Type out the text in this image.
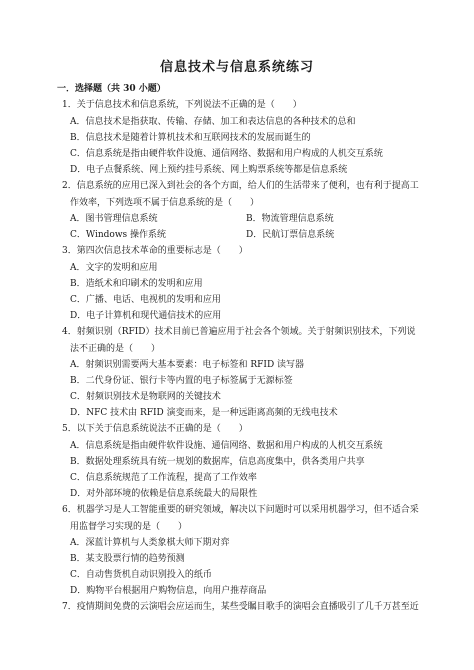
信息技术与信息系统练习
一．选择题（共 30 小题）
1．关于信息技术和信息系统，下列说法不正确的是（　　）
A．信息技术是指获取、传输、存储、加工和表达信息的各种技术的总和
B．信息技术是随着计算机技术和互联网技术的发展而诞生的
C．信息系统是指由硬件软件设施、通信网络、数据和用户构成的人机交互系统
D．电子点餐系统、网上预约挂号系统、网上购票系统等都是信息系统
2．信息系统的应用已深入到社会的各个方面，给人们的生活带来了便利，也有利于提高工
作效率，下列选项不属于信息系统的是（　　）
A．图书管理信息系统	B．物流管理信息系统
C．Windows 操作系统	D．民航订票信息系统
3．第四次信息技术革命的重要标志是（　　）
A．文字的发明和应用
B．造纸术和印刷术的发明和应用
C．广播、电话、电视机的发明和应用
D．电子计算机和现代通信技术的应用
4．射频识别（RFID）技术目前已普遍应用于社会各个领域。关于射频识别技术，下列说
法不正确的是（　　）
A．射频识别需要两大基本要素：电子标签和 RFID 读写器
B．二代身份证、银行卡等内置的电子标签属于无源标签
C．射频识别技术是物联网的关键技术
D．NFC 技术由 RFID 演变而来，是一种远距离高频的无线电技术
5．以下关于信息系统说法不正确的是（　　）
A．信息系统是指由硬件软件设施、通信网络、数据和用户构成的人机交互系统
B．数据处理系统具有统一规划的数据库，信息高度集中，供各类用户共享
C．信息系统规范了工作流程，提高了工作效率
D．对外部环境的依赖是信息系统最大的局限性
6．机器学习是人工智能重要的研究领域，解决以下问题时可以采用机器学习，但不适合采
用监督学习实现的是（　　）
A．深蓝计算机与人类象棋大师下期对弈
B．某支股票行情的趋势预测
C．自动售货机自动识别投入的纸币
D．购物平台根据用户购物信息，向用户推荐商品
7．疫情期间免费的云演唱会应运而生，某些受瞩目歌手的演唱会直播吸引了几千万甚至近
